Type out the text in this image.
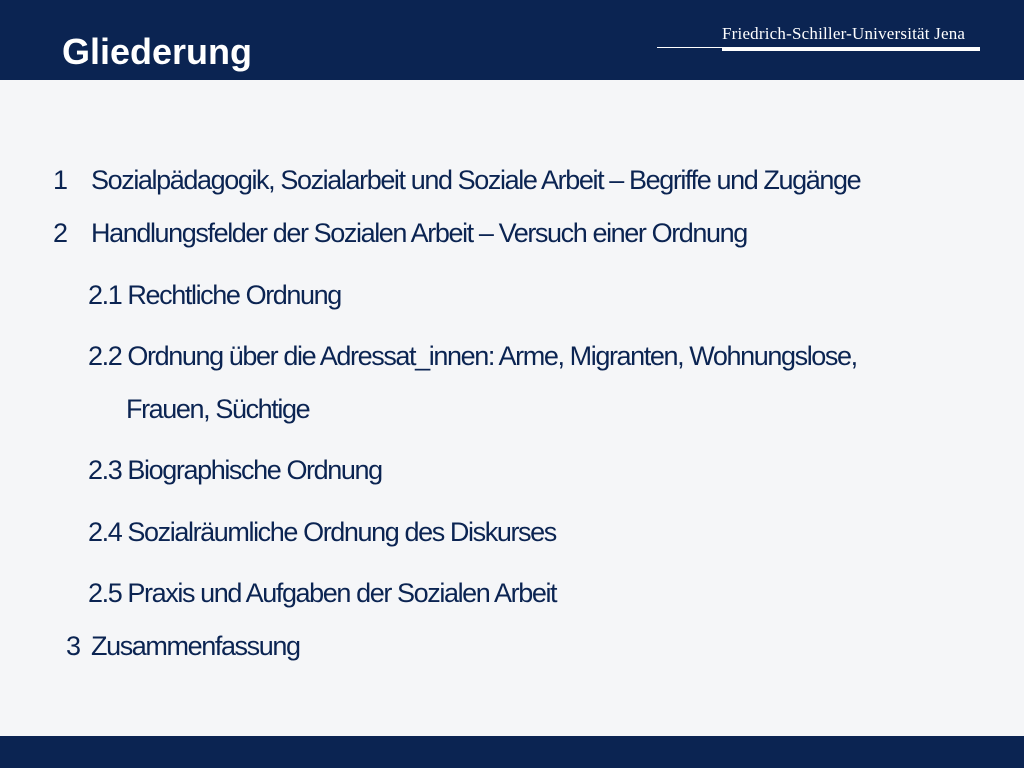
Gliederung	Friedrich-Schiller-Universität Jena
1 Sozialpädagogik, Sozialarbeit und Soziale Arbeit – Begriffe und Zugänge
2 Handlungsfelder der Sozialen Arbeit – Versuch einer Ordnung
2.1 Rechtliche Ordnung
2.2 Ordnung über die Adressat_innen: Arme, Migranten, Wohnungslose,
Frauen, Süchtige
2.3 Biographische Ordnung
2.4 Sozialräumliche Ordnung des Diskurses
2.5 Praxis und Aufgaben der Sozialen Arbeit
3 Zusammenfassung
